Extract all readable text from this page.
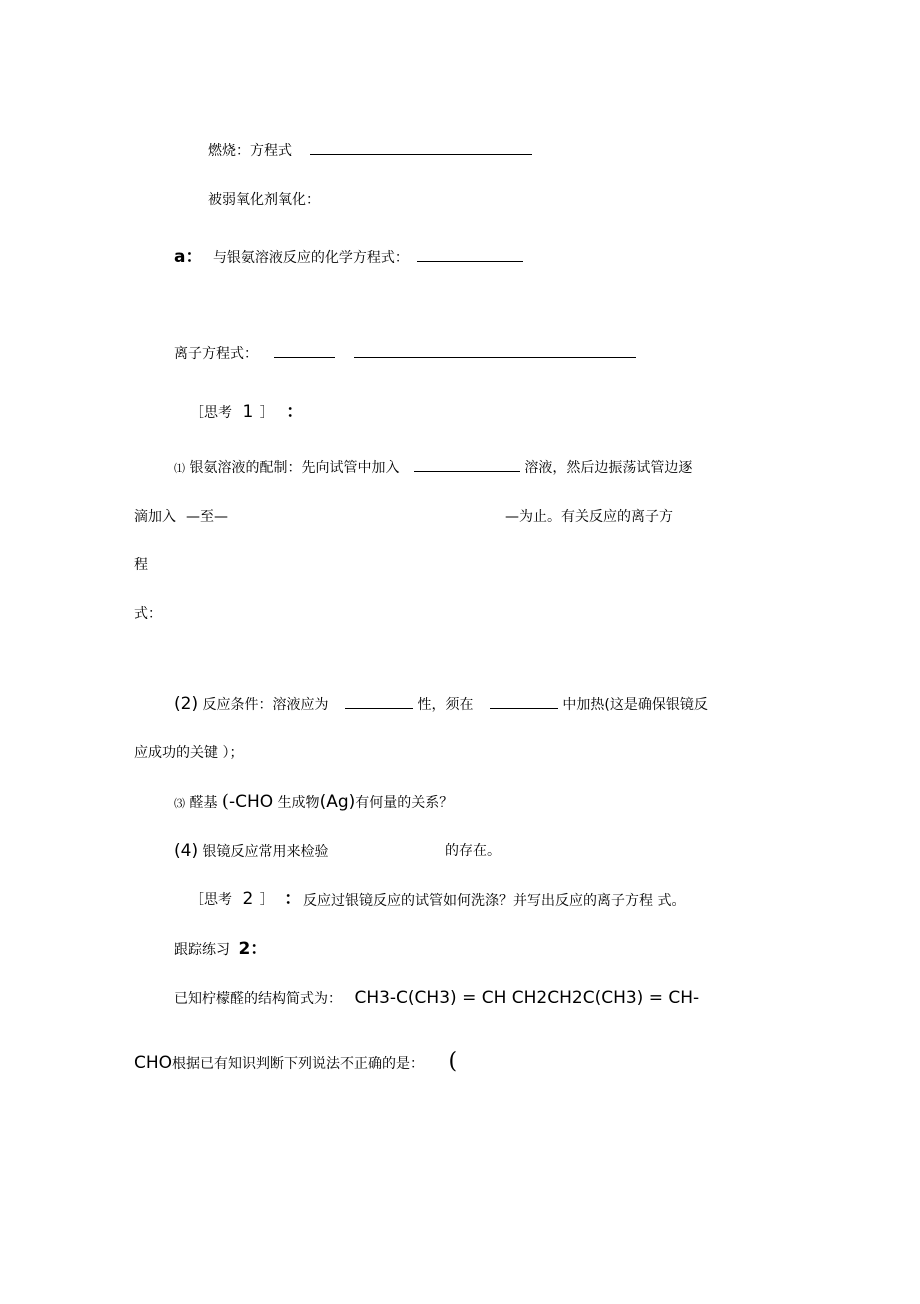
燃烧：方程式
被弱氧化剂氧化：
a： 与银氨溶液反应的化学方程式：
离子方程式：
［思考 1 ］ ：
⑴ 银氨溶液的配制：先向试管中加入	溶液，然后边振荡试管边逐
滴加入 —至—	—为止。有关反应的离子方
程
式：
(2) 反应条件：溶液应为	性，须在	中加热(这是确保银镜反
应成功的关键 ）；
⑶ 醛基 (-CHO 生成物(Ag)有何量的关系？
(4) 银镜反应常用来检验	的存在。
［思考 2 ］ ： 反应过银镜反应的试管如何洗涤？并写出反应的离子方程 式。
跟踪练习 2：
已知柠檬醛的结构简式为： CH3-C(CH3) = CH CH2CH2C(CH3) = CH-
CHO根据已有知识判断下列说法不正确的是： (
